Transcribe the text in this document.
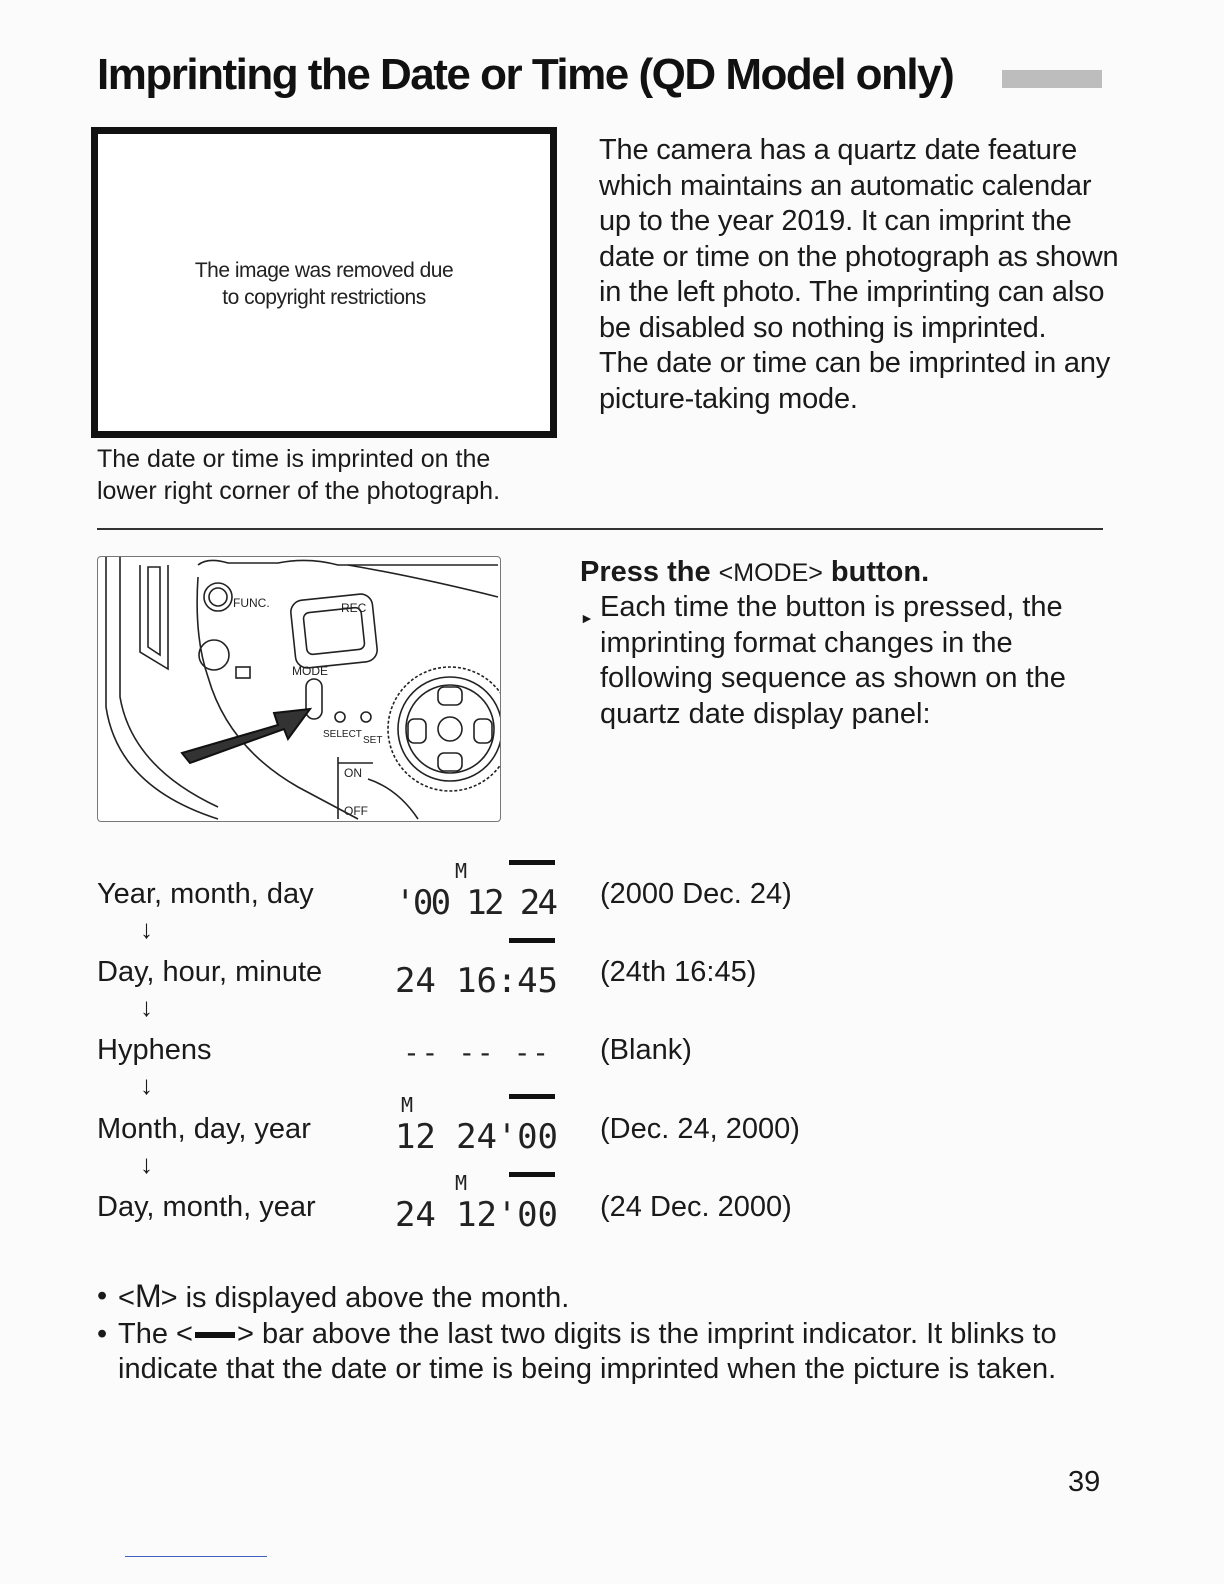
Imprinting the Date or Time (QD Model only)
The image was removed due
to copyright restrictions
The date or time is imprinted on the lower right corner of the photograph.

The camera has a quartz date feature which maintains an automatic calendar up to the year 2019. It can imprint the date or time on the photograph as shown in the left photo. The imprinting can also be disabled so nothing is imprinted.

The date or time can be imprinted in any picture-taking mode.

FUNC.	REC
MODE
SELECT
SET
ON
OFF
Press the <MODE> button.
► Each time the button is pressed, the imprinting format changes in the following sequence as shown on the quartz date display panel:
Year, month, day
↓
Day, hour, minute
↓
Hyphens
↓
Month, day, year
↓
Day, month, year
M
'00 12 24
24 16:45
-- -- --
M
12 24'00
M
24 12'00
(2000 Dec. 24)
(24th 16:45)
(Blank)
(Dec. 24, 2000)
(24 Dec. 2000)
• <M> is displayed above the month.
• The < > bar above the last two digits is the imprint indicator. It blinks to indicate that the date or time is being imprinted when the picture is taken.
39
